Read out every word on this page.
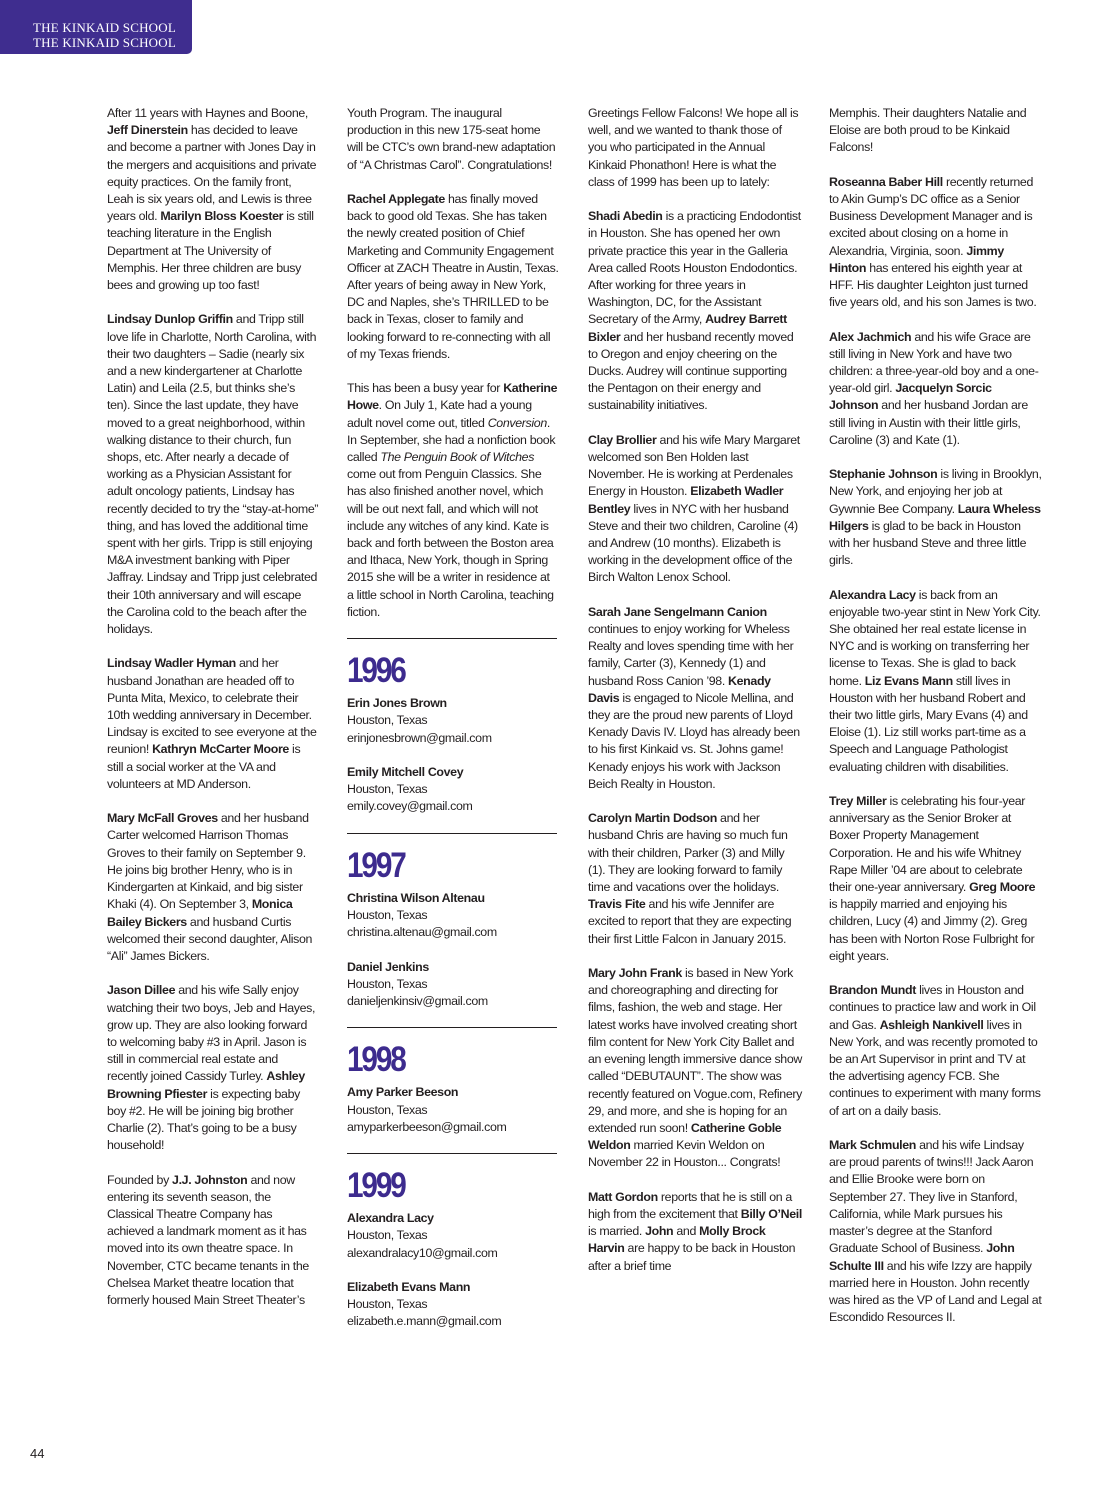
THE KINKAID SCHOOL
THE KINKAID SCHOOL

After 11 years with Haynes and Boone, Jeff Dinerstein has decided to leave and become a partner with Jones Day in the mergers and acquisitions and private equity practices. On the family front, Leah is six years old, and Lewis is three years old. Marilyn Bloss Koester is still teaching literature in the English Department at The University of Memphis. Her three children are busy bees and growing up too fast!

Lindsay Dunlop Griffin and Tripp still love life in Charlotte, North Carolina, with their two daughters – Sadie (nearly six and a new kindergartener at Charlotte Latin) and Leila (2.5, but thinks she’s ten). Since the last update, they have moved to a great neighborhood, within walking distance to their church, fun shops, etc. After nearly a decade of working as a Physician Assistant for adult oncology patients, Lindsay has recently decided to try the “stay-at-home” thing, and has loved the additional time spent with her girls. Tripp is still enjoying M&A investment banking with Piper Jaffray. Lindsay and Tripp just celebrated their 10th anniversary and will escape the Carolina cold to the beach after the holidays.

Lindsay Wadler Hyman and her husband Jonathan are headed off to Punta Mita, Mexico, to celebrate their 10th wedding anniversary in December. Lindsay is excited to see everyone at the reunion! Kathryn McCarter Moore is still a social worker at the VA and volunteers at MD Anderson.

Mary McFall Groves and her husband Carter welcomed Harrison Thomas Groves to their family on September 9. He joins big brother Henry, who is in Kindergarten at Kinkaid, and big sister Khaki (4). On September 3, Monica Bailey Bickers and husband Curtis welcomed their second daughter, Alison “Ali” James Bickers.

Jason Dillee and his wife Sally enjoy watching their two boys, Jeb and Hayes, grow up. They are also looking forward to welcoming baby #3 in April. Jason is still in commercial real estate and recently joined Cassidy Turley. Ashley Browning Pfiester is expecting baby boy #2. He will be joining big brother Charlie (2). That’s going to be a busy household!

Founded by J.J. Johnston and now entering its seventh season, the Classical Theatre Company has achieved a landmark moment as it has moved into its own theatre space. In November, CTC became tenants in the Chelsea Market theatre location that formerly housed Main Street Theater’s

Youth Program. The inaugural production in this new 175-seat home will be CTC’s own brand-new adaptation of “A Christmas Carol”. Congratulations!

Rachel Applegate has finally moved back to good old Texas. She has taken the newly created position of Chief Marketing and Community Engagement Officer at ZACH Theatre in Austin, Texas. After years of being away in New York, DC and Naples, she’s THRILLED to be back in Texas, closer to family and looking forward to re-connecting with all of my Texas friends.

This has been a busy year for Katherine Howe. On July 1, Kate had a young adult novel come out, titled Conversion. In September, she had a nonfiction book called The Penguin Book of Witches come out from Penguin Classics. She has also finished another novel, which will be out next fall, and which will not include any witches of any kind. Kate is back and forth between the Boston area and Ithaca, New York, though in Spring 2015 she will be a writer in residence at a little school in North Carolina, teaching fiction.

1996
Erin Jones Brown
Houston, Texas
erinjonesbrown@gmail.com
Emily Mitchell Covey
Houston, Texas
emily.covey@gmail.com
1997
Christina Wilson Altenau
Houston, Texas
christina.altenau@gmail.com
Daniel Jenkins
Houston, Texas
danieljenkinsiv@gmail.com
1998
Amy Parker Beeson
Houston, Texas
amyparkerbeeson@gmail.com
1999
Alexandra Lacy
Houston, Texas
alexandralacy10@gmail.com
Elizabeth Evans Mann
Houston, Texas
elizabeth.e.mann@gmail.com

Greetings Fellow Falcons! We hope all is well, and we wanted to thank those of you who participated in the Annual Kinkaid Phonathon! Here is what the class of 1999 has been up to lately:

Shadi Abedin is a practicing Endodontist in Houston. She has opened her own private practice this year in the Galleria Area called Roots Houston Endodontics. After working for three years in Washington, DC, for the Assistant Secretary of the Army, Audrey Barrett Bixler and her husband recently moved to Oregon and enjoy cheering on the Ducks. Audrey will continue supporting the Pentagon on their energy and sustainability initiatives.

Clay Brollier and his wife Mary Margaret welcomed son Ben Holden last November. He is working at Perdenales Energy in Houston. Elizabeth Wadler Bentley lives in NYC with her husband Steve and their two children, Caroline (4) and Andrew (10 months). Elizabeth is working in the development office of the Birch Walton Lenox School.

Sarah Jane Sengelmann Canion continues to enjoy working for Wheless Realty and loves spending time with her family, Carter (3), Kennedy (1) and husband Ross Canion ’98. Kenady Davis is engaged to Nicole Mellina, and they are the proud new parents of Lloyd Kenady Davis IV. Lloyd has already been to his first Kinkaid vs. St. Johns game! Kenady enjoys his work with Jackson Beich Realty in Houston.

Carolyn Martin Dodson and her husband Chris are having so much fun with their children, Parker (3) and Milly (1). They are looking forward to family time and vacations over the holidays. Travis Fite and his wife Jennifer are excited to report that they are expecting their first Little Falcon in January 2015.

Mary John Frank is based in New York and choreographing and directing for films, fashion, the web and stage. Her latest works have involved creating short film content for New York City Ballet and an evening length immersive dance show called “DEBUTAUNT”. The show was recently featured on Vogue.com, Refinery 29, and more, and she is hoping for an extended run soon! Catherine Goble Weldon married Kevin Weldon on November 22 in Houston... Congrats!

Matt Gordon reports that he is still on a high from the excitement that Billy O’Neil is married. John and Molly Brock Harvin are happy to be back in Houston after a brief time

Memphis. Their daughters Natalie and Eloise are both proud to be Kinkaid Falcons!

Roseanna Baber Hill recently returned to Akin Gump’s DC office as a Senior Business Development Manager and is excited about closing on a home in Alexandria, Virginia, soon. Jimmy Hinton has entered his eighth year at HFF. His daughter Leighton just turned five years old, and his son James is two.

Alex Jachmich and his wife Grace are still living in New York and have two children: a three-year-old boy and a one-year-old girl. Jacquelyn Sorcic Johnson and her husband Jordan are still living in Austin with their little girls, Caroline (3) and Kate (1).

Stephanie Johnson is living in Brooklyn, New York, and enjoying her job at Gywnnie Bee Company. Laura Wheless Hilgers is glad to be back in Houston with her husband Steve and three little girls.

Alexandra Lacy is back from an enjoyable two-year stint in New York City. She obtained her real estate license in NYC and is working on transferring her license to Texas. She is glad to back home. Liz Evans Mann still lives in Houston with her husband Robert and their two little girls, Mary Evans (4) and Eloise (1). Liz still works part-time as a Speech and Language Pathologist evaluating children with disabilities.

Trey Miller is celebrating his four-year anniversary as the Senior Broker at Boxer Property Management Corporation. He and his wife Whitney Rape Miller ’04 are about to celebrate their one-year anniversary. Greg Moore is happily married and enjoying his children, Lucy (4) and Jimmy (2). Greg has been with Norton Rose Fulbright for eight years.

Brandon Mundt lives in Houston and continues to practice law and work in Oil and Gas. Ashleigh Nankivell lives in New York, and was recently promoted to be an Art Supervisor in print and TV at the advertising agency FCB. She continues to experiment with many forms of art on a daily basis.

Mark Schmulen and his wife Lindsay are proud parents of twins!!! Jack Aaron and Ellie Brooke were born on September 27. They live in Stanford, California, while Mark pursues his master’s degree at the Stanford Graduate School of Business. John Schulte III and his wife Izzy are happily married here in Houston. John recently was hired as the VP of Land and Legal at Escondido Resources II.

44
